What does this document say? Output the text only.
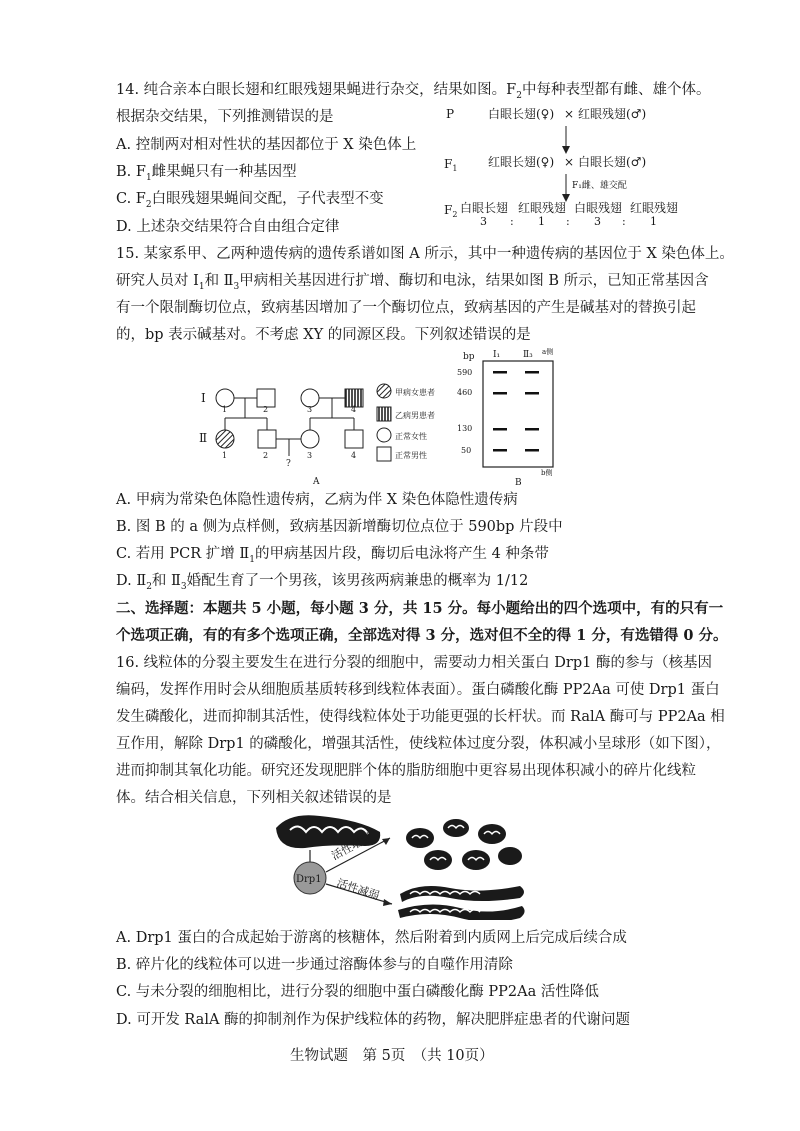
14. 纯合亲本白眼长翅和红眼残翅果蝇进行杂交，结果如图。$F_2$中每种表型都有雌、雄个体。
根据杂交结果，下列推测错误的是
A. 控制两对相对性状的基因都位于 X 染色体上
B. $F_1$雌果蝇只有一种基因型
C. $F_2$白眼残翅果蝇间交配，子代表型不变
D. 上述杂交结果符合自由组合定律
P	白眼长翅(♀) × 红眼残翅(♂)
$F_1$	红眼长翅(♀) × 白眼长翅(♂)
F₁雌、雄交配
$F_2$ 白眼长翅 红眼残翅 白眼残翅 红眼残翅
3 : 1 : 3 : 1
15. 某家系甲、乙两种遗传病的遗传系谱如图 A 所示，其中一种遗传病的基因位于 X 染色体上。
研究人员对 $Ⅰ_1$和 $Ⅱ_3$甲病相关基因进行扩增、酶切和电泳，结果如图 B 所示，已知正常基因含
有一个限制酶切位点，致病基因增加了一个酶切位点，致病基因的产生是碱基对的替换引起
的，bp 表示碱基对。不考虑 XY 的同源区段。下列叙述错误的是
Ⅰ
Ⅱ
1	2	3	4
?
1	2	3	4
甲病女患者
乙病男患者
正常女性
正常男性
A
bp Ⅰ₁	Ⅱ₃ a侧
590
460
130
50
b侧
B
A. 甲病为常染色体隐性遗传病，乙病为伴 X 染色体隐性遗传病
B. 图 B 的 a 侧为点样侧，致病基因新增酶切位点位于 590bp 片段中
C. 若用 PCR 扩增 $Ⅱ_1$的甲病基因片段，酶切后电泳将产生 4 种条带
D. $Ⅱ_2$和 $Ⅱ_3$婚配生育了一个男孩，该男孩两病兼患的概率为 1/12
二、选择题：本题共 5 小题，每小题 3 分，共 15 分。每小题给出的四个选项中，有的只有一
个选项正确，有的有多个选项正确，全部选对得 3 分，选对但不全的得 1 分，有选错得 0 分。
16. 线粒体的分裂主要发生在进行分裂的细胞中，需要动力相关蛋白 Drp1 酶的参与（核基因
编码，发挥作用时会从细胞质基质转移到线粒体表面）。蛋白磷酸化酶 PP2Aa 可使 Drp1 蛋白
发生磷酸化，进而抑制其活性，使得线粒体处于功能更强的长杆状。而 RalA 酶可与 PP2Aa 相
互作用，解除 Drp1 的磷酸化，增强其活性，使线粒体过度分裂，体积减小呈球形（如下图），
进而抑制其氧化功能。研究还发现肥胖个体的脂肪细胞中更容易出现体积减小的碎片化线粒
体。结合相关信息，下列相关叙述错误的是
Drp1
活性增强
活性减弱
A. Drp1 蛋白的合成起始于游离的核糖体，然后附着到内质网上后完成后续合成
B. 碎片化的线粒体可以进一步通过溶酶体参与的自噬作用清除
C. 与未分裂的细胞相比，进行分裂的细胞中蛋白磷酸化酶 PP2Aa 活性降低
D. 可开发 RalA 酶的抑制剂作为保护线粒体的药物，解决肥胖症患者的代谢问题
生物试题　第 5页　（共 10页）
